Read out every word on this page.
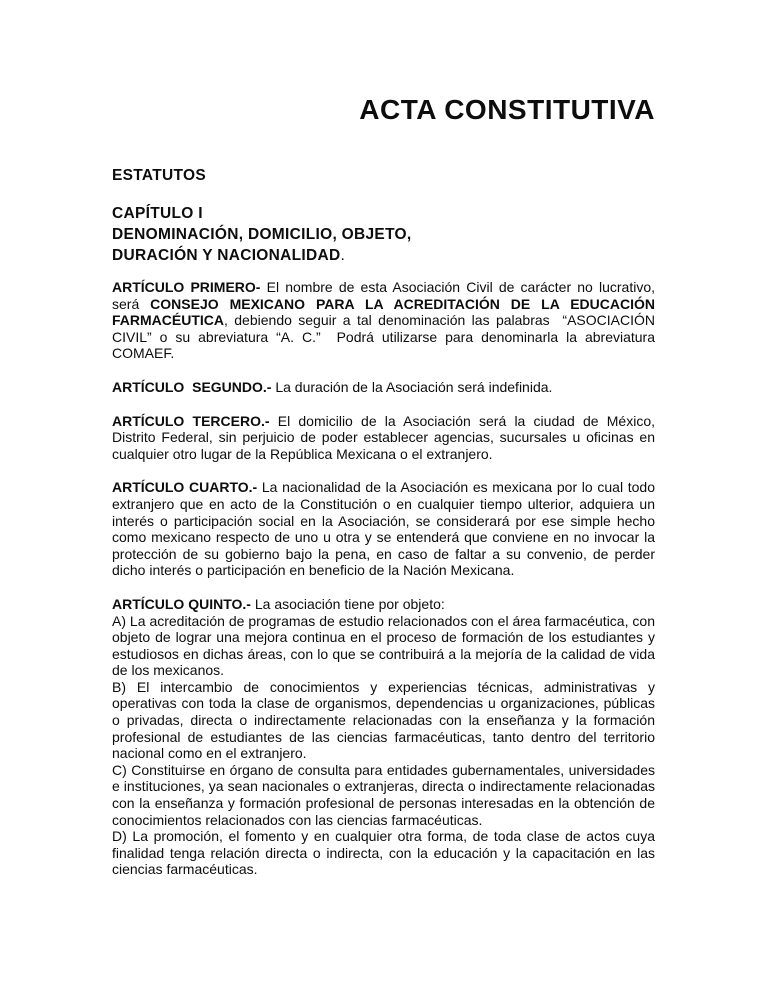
ACTA CONSTITUTIVA
ESTATUTOS
CAPÍTULO I
DENOMINACIÓN, DOMICILIO, OBJETO,
DURACIÓN Y NACIONALIDAD.
ARTÍCULO PRIMERO- El nombre de esta Asociación Civil de carácter no lucrativo, será CONSEJO MEXICANO PARA LA ACREDITACIÓN DE LA EDUCACIÓN FARMACÉUTICA, debiendo seguir a tal denominación las palabras  “ASOCIACIÓN CIVIL” o su abreviatura “A. C.”  Podrá utilizarse para denominarla la abreviatura COMAEF.
ARTÍCULO  SEGUNDO.- La duración de la Asociación será indefinida.
ARTÍCULO TERCERO.- El domicilio de la Asociación será la ciudad de México, Distrito Federal, sin perjuicio de poder establecer agencias, sucursales u oficinas en cualquier otro lugar de la República Mexicana o el extranjero.
ARTÍCULO CUARTO.- La nacionalidad de la Asociación es mexicana por lo cual todo extranjero que en acto de la Constitución o en cualquier tiempo ulterior, adquiera un interés o participación social en la Asociación, se considerará por ese simple hecho como mexicano respecto de uno u otra y se entenderá que conviene en no invocar la protección de su gobierno bajo la pena, en caso de faltar a su convenio, de perder dicho interés o participación en beneficio de la Nación Mexicana.
ARTÍCULO QUINTO.- La asociación tiene por objeto:
A) La acreditación de programas de estudio relacionados con el área farmacéutica, con objeto de lograr una mejora continua en el proceso de formación de los estudiantes y estudiosos en dichas áreas, con lo que se contribuirá a la mejoría de la calidad de vida de los mexicanos.
B) El intercambio de conocimientos y experiencias técnicas, administrativas y operativas con toda la clase de organismos, dependencias u organizaciones, públicas o privadas, directa o indirectamente relacionadas con la enseñanza y la formación profesional de estudiantes de las ciencias farmacéuticas, tanto dentro del territorio nacional como en el extranjero.
C) Constituirse en órgano de consulta para entidades gubernamentales, universidades e instituciones, ya sean nacionales o extranjeras, directa o indirectamente relacionadas con la enseñanza y formación profesional de personas interesadas en la obtención de conocimientos relacionados con las ciencias farmacéuticas.
D) La promoción, el fomento y en cualquier otra forma, de toda clase de actos cuya finalidad tenga relación directa o indirecta, con la educación y la capacitación en las ciencias farmacéuticas.
